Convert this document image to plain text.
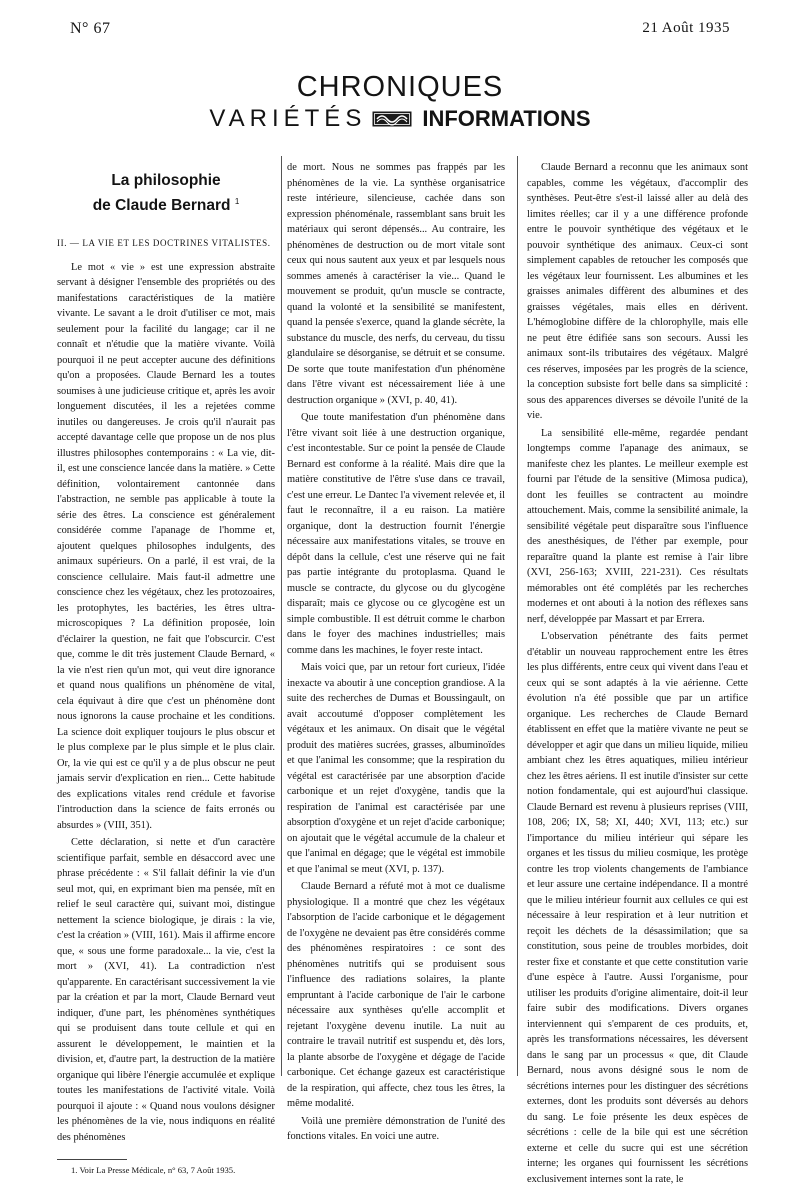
N° 67	21 Août 1935
CHRONIQUES
VARIÉTÉS	INFORMATIONS
La philosophie
de Claude Bernard $^1$
II. — LA VIE ET LES DOCTRINES VITALISTES.

Le mot « vie » est une expression abstraite servant à désigner l'ensemble des propriétés ou des manifestations caractéristiques de la matière vivante. Le savant a le droit d'utiliser ce mot, mais seulement pour la facilité du langage; car il ne connaît et n'étudie que la matière vivante. Voilà pourquoi il ne peut accepter aucune des définitions qu'on a proposées. Claude Bernard les a toutes soumises à une judicieuse critique et, après les avoir longuement discutées, il les a rejetées comme inutiles ou dangereuses. Je crois qu'il n'aurait pas accepté davantage celle que propose un de nos plus illustres philosophes contemporains : « La vie, dit-il, est une conscience lancée dans la matière. » Cette définition, volontairement cantonnée dans l'abstraction, ne semble pas applicable à toute la série des êtres. La conscience est généralement considérée comme l'apanage de l'homme et, ajoutent quelques philosophes indulgents, des animaux supérieurs. On a parlé, il est vrai, de la conscience cellulaire. Mais faut-il admettre une conscience chez les végétaux, chez les protozoaires, les protophytes, les bactéries, les êtres ultra-microscopiques ? La définition proposée, loin d'éclairer la question, ne fait que l'obscurcir. C'est que, comme le dit très justement Claude Bernard, « la vie n'est rien qu'un mot, qui veut dire ignorance et quand nous qualifions un phénomène de vital, cela équivaut à dire que c'est un phénomène dont nous ignorons la cause prochaine et les conditions. La science doit expliquer toujours le plus obscur et le plus complexe par le plus simple et le plus clair. Or, la vie qui est ce qu'il y a de plus obscur ne peut jamais servir d'explication en rien... Cette habitude des explications vitales rend crédule et favorise l'introduction dans la science de faits erronés ou absurdes » (VIII, 351).

Cette déclaration, si nette et d'un caractère scientifique parfait, semble en désaccord avec une phrase précédente : « S'il fallait définir la vie d'un seul mot, qui, en exprimant bien ma pensée, mît en relief le seul caractère qui, suivant moi, distingue nettement la science biologique, je dirais : la vie, c'est la création » (VIII, 161). Mais il affirme encore que, « sous une forme paradoxale... la vie, c'est la mort » (XVI, 41). La contradiction n'est qu'apparente. En caractérisant successivement la vie par la création et par la mort, Claude Bernard veut indiquer, d'une part, les phénomènes synthétiques qui se produisent dans toute cellule et qui en assurent le développement, le maintien et la division, et, d'autre part, la destruction de la matière organique qui libère l'énergie accumulée et explique toutes les manifestations de l'activité vitale. Voilà pourquoi il ajoute : « Quand nous voulons désigner les phénomènes de la vie, nous indiquons en réalité des phénomènes

1. Voir La Presse Médicale, n° 63, 7 Août 1935.

de mort. Nous ne sommes pas frappés par les phénomènes de la vie. La synthèse organisatrice reste intérieure, silencieuse, cachée dans son expression phénoménale, rassemblant sans bruit les matériaux qui seront dépensés... Au contraire, les phénomènes de destruction ou de mort vitale sont ceux qui nous sautent aux yeux et par lesquels nous sommes amenés à caractériser la vie... Quand le mouvement se produit, qu'un muscle se contracte, quand la volonté et la sensibilité se manifestent, quand la pensée s'exerce, quand la glande sécrète, la substance du muscle, des nerfs, du cerveau, du tissu glandulaire se désorganise, se détruit et se consume. De sorte que toute manifestation d'un phénomène dans l'être vivant est nécessairement liée à une destruction organique » (XVI, p. 40, 41).

Que toute manifestation d'un phénomène dans l'être vivant soit liée à une destruction organique, c'est incontestable. Sur ce point la pensée de Claude Bernard est conforme à la réalité. Mais dire que la matière constitutive de l'être s'use dans ce travail, c'est une erreur. Le Dantec l'a vivement relevée et, il faut le reconnaître, il a eu raison. La matière organique, dont la destruction fournit l'énergie nécessaire aux manifestations vitales, se trouve en dépôt dans la cellule, c'est une réserve qui ne fait pas partie intégrante du protoplasma. Quand le muscle se contracte, du glycose ou du glycogène disparaît; mais ce glycose ou ce glycogène est un simple combustible. Il est détruit comme le charbon dans le foyer des machines industrielles; mais comme dans les machines, le foyer reste intact.

Mais voici que, par un retour fort curieux, l'idée inexacte va aboutir à une conception grandiose. A la suite des recherches de Dumas et Boussingault, on avait accoutumé d'opposer complètement les végétaux et les animaux. On disait que le végétal produit des matières sucrées, grasses, albuminoïdes et que l'animal les consomme; que la respiration du végétal est caractérisée par une absorption d'acide carbonique et un rejet d'oxygène, tandis que la respiration de l'animal est caractérisée par une absorption d'oxygène et un rejet d'acide carbonique; on ajoutait que le végétal accumule de la chaleur et que l'animal en dégage; que le végétal est immobile et que l'animal se meut (XVI, p. 137).

Claude Bernard a réfuté mot à mot ce dualisme physiologique. Il a montré que chez les végétaux l'absorption de l'acide carbonique et le dégagement de l'oxygène ne devaient pas être considérés comme des phénomènes respiratoires : ce sont des phénomènes nutritifs qui se produisent sous l'influence des radiations solaires, la plante empruntant à l'acide carbonique de l'air le carbone nécessaire aux synthèses qu'elle accomplit et rejetant l'oxygène devenu inutile. La nuit au contraire le travail nutritif est suspendu et, dès lors, la plante absorbe de l'oxygène et dégage de l'acide carbonique. Cet échange gazeux est caractéristique de la respiration, qui affecte, chez tous les êtres, la même modalité.

Voilà une première démonstration de l'unité des fonctions vitales. En voici une autre.

Claude Bernard a reconnu que les animaux sont capables, comme les végétaux, d'accomplir des synthèses. Peut-être s'est-il laissé aller au delà des limites réelles; car il y a une différence profonde entre le pouvoir synthétique des végétaux et le pouvoir synthétique des animaux. Ceux-ci sont simplement capables de retoucher les composés que les végétaux leur fournissent. Les albumines et les graisses animales diffèrent des albumines et des graisses végétales, mais elles en dérivent. L'hémoglobine diffère de la chlorophylle, mais elle ne peut être édifiée sans son secours. Aussi les animaux sont-ils tributaires des végétaux. Malgré ces réserves, imposées par les progrès de la science, la conception subsiste fort belle dans sa simplicité : sous des apparences diverses se dévoile l'unité de la vie.

La sensibilité elle-même, regardée pendant longtemps comme l'apanage des animaux, se manifeste chez les plantes. Le meilleur exemple est fourni par l'étude de la sensitive (Mimosa pudica), dont les feuilles se contractent au moindre attouchement. Mais, comme la sensibilité animale, la sensibilité végétale peut disparaître sous l'influence des anesthésiques, de l'éther par exemple, pour reparaître quand la plante est remise à l'air libre (XVI, 256-163; XVIII, 221-231). Ces résultats mémorables ont été complétés par les recherches modernes et ont abouti à la notion des réflexes sans nerf, développée par Massart et par Errera.

L'observation pénétrante des faits permet d'établir un nouveau rapprochement entre les êtres les plus différents, entre ceux qui vivent dans l'eau et ceux qui se sont adaptés à la vie aérienne. Cette évolution n'a été possible que par un artifice organique. Les recherches de Claude Bernard établissent en effet que la matière vivante ne peut se développer et agir que dans un milieu liquide, milieu ambiant chez les êtres aquatiques, milieu intérieur chez les êtres aériens. Il est inutile d'insister sur cette notion fondamentale, qui est aujourd'hui classique. Claude Bernard est revenu à plusieurs reprises (VIII, 108, 206; IX, 58; XI, 440; XVI, 113; etc.) sur l'importance du milieu intérieur qui sépare les organes et les tissus du milieu cosmique, les protège contre les trop violents changements de l'ambiance et leur assure une certaine indépendance. Il a montré que le milieu intérieur fournit aux cellules ce qui est nécessaire à leur respiration et à leur nutrition et reçoit les déchets de la désassimilation; que sa constitution, sous peine de troubles morbides, doit rester fixe et constante et que cette constitution varie d'une espèce à l'autre. Aussi l'organisme, pour utiliser les produits d'origine alimentaire, doit-il leur faire subir des modifications. Divers organes interviennent qui s'emparent de ces produits, et, après les transformations nécessaires, les déversent dans le sang par un processus « que, dit Claude Bernard, nous avons désigné sous le nom de sécrétions internes pour les distinguer des sécrétions externes, dont les produits sont déversés au dehors du sang. Le foie présente les deux espèces de sécrétions : celle de la bile qui est une sécrétion externe et celle du sucre qui est une sécrétion interne; les organes qui fournissent les sécrétions exclusivement internes sont la rate, le
